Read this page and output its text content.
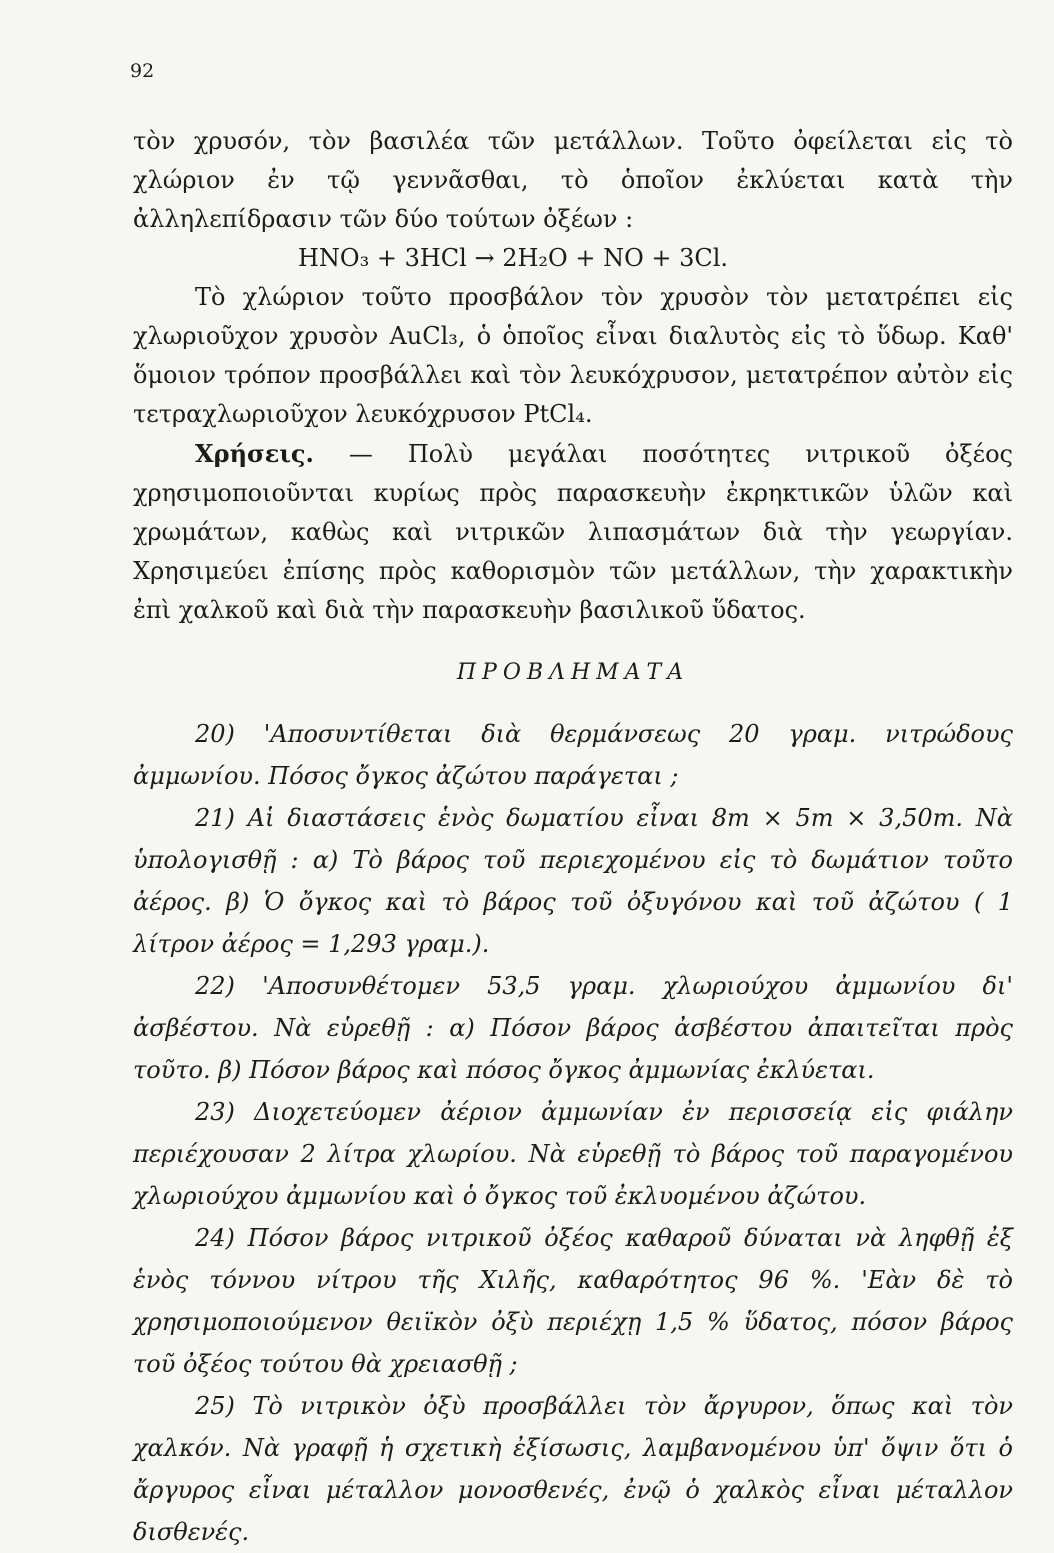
92

τὸν χρυσόν, τὸν βασιλέα τῶν μετάλλων. Τοῦτο ὀφείλεται εἰς τὸ χλώριον ἐν τῷ γεννᾶσθαι, τὸ ὁποῖον ἐκλύεται κατὰ τὴν ἀλληλεπίδρασιν τῶν δύο τούτων ὀξέων :

HNO₃ + 3HCl → 2H₂O + NO + 3Cl.

Τὸ χλώριον τοῦτο προσβάλον τὸν χρυσὸν τὸν μετατρέπει εἰς χλωριοῦχον χρυσὸν AuCl₃, ὁ ὁποῖος εἶναι διαλυτὸς εἰς τὸ ὕδωρ. Καθ' ὅμοιον τρόπον προσβάλλει καὶ τὸν λευκόχρυσον, μετατρέπον αὐτὸν εἰς τετραχλωριοῦχον λευκόχρυσον PtCl₄.

Χρήσεις. — Πολὺ μεγάλαι ποσότητες νιτρικοῦ ὀξέος χρησιμοποιοῦνται κυρίως πρὸς παρασκευὴν ἐκρηκτικῶν ὑλῶν καὶ χρωμάτων, καθὼς καὶ νιτρικῶν λιπασμάτων διὰ τὴν γεωργίαν. Χρησιμεύει ἐπίσης πρὸς καθορισμὸν τῶν μετάλλων, τὴν χαρακτικὴν ἐπὶ χαλκοῦ καὶ διὰ τὴν παρασκευὴν βασιλικοῦ ὕδατος.

ΠΡΟΒΛΗΜΑΤΑ

20) 'Αποσυντίθεται διὰ θερμάνσεως 20 γραμ. νιτρώδους ἀμμωνίου. Πόσος ὄγκος ἀζώτου παράγεται ;

21) Αἱ διαστάσεις ἑνὸς δωματίου εἶναι 8m × 5m × 3,50m. Νὰ ὑπολογισθῇ : α) Τὸ βάρος τοῦ περιεχομένου εἰς τὸ δωμάτιον τοῦτο ἀέρος. β) Ὁ ὄγκος καὶ τὸ βάρος τοῦ ὀξυγόνου καὶ τοῦ ἀζώτου ( 1 λίτρον ἀέρος = 1,293 γραμ.).

22) 'Αποσυνθέτομεν 53,5 γραμ. χλωριούχου ἀμμωνίου δι' ἀσβέστου. Νὰ εὑρεθῇ : α) Πόσον βάρος ἀσβέστου ἀπαιτεῖται πρὸς τοῦτο. β) Πόσον βάρος καὶ πόσος ὄγκος ἀμμωνίας ἐκλύεται.

23) Διοχετεύομεν ἀέριον ἀμμωνίαν ἐν περισσείᾳ εἰς φιάλην περιέχουσαν 2 λίτρα χλωρίου. Νὰ εὑρεθῇ τὸ βάρος τοῦ παραγομένου χλωριούχου ἀμμωνίου καὶ ὁ ὄγκος τοῦ ἐκλυομένου ἀζώτου.

24) Πόσον βάρος νιτρικοῦ ὀξέος καθαροῦ δύναται νὰ ληφθῇ ἐξ ἑνὸς τόννου νίτρου τῆς Χιλῆς, καθαρότητος 96 %. 'Εὰν δὲ τὸ χρησιμοποιούμενον θειϊκὸν ὀξὺ περιέχῃ 1,5 % ὕδατος, πόσον βάρος τοῦ ὀξέος τούτου θὰ χρειασθῇ ;

25) Τὸ νιτρικὸν ὀξὺ προσβάλλει τὸν ἄργυρον, ὅπως καὶ τὸν χαλκόν. Νὰ γραφῇ ἡ σχετικὴ ἐξίσωσις, λαμβανομένου ὑπ' ὄψιν ὅτι ὁ ἄργυρος εἶναι μέταλλον μονοσθενές, ἐνῷ ὁ χαλκὸς εἶναι μέταλλον δισθενές.
